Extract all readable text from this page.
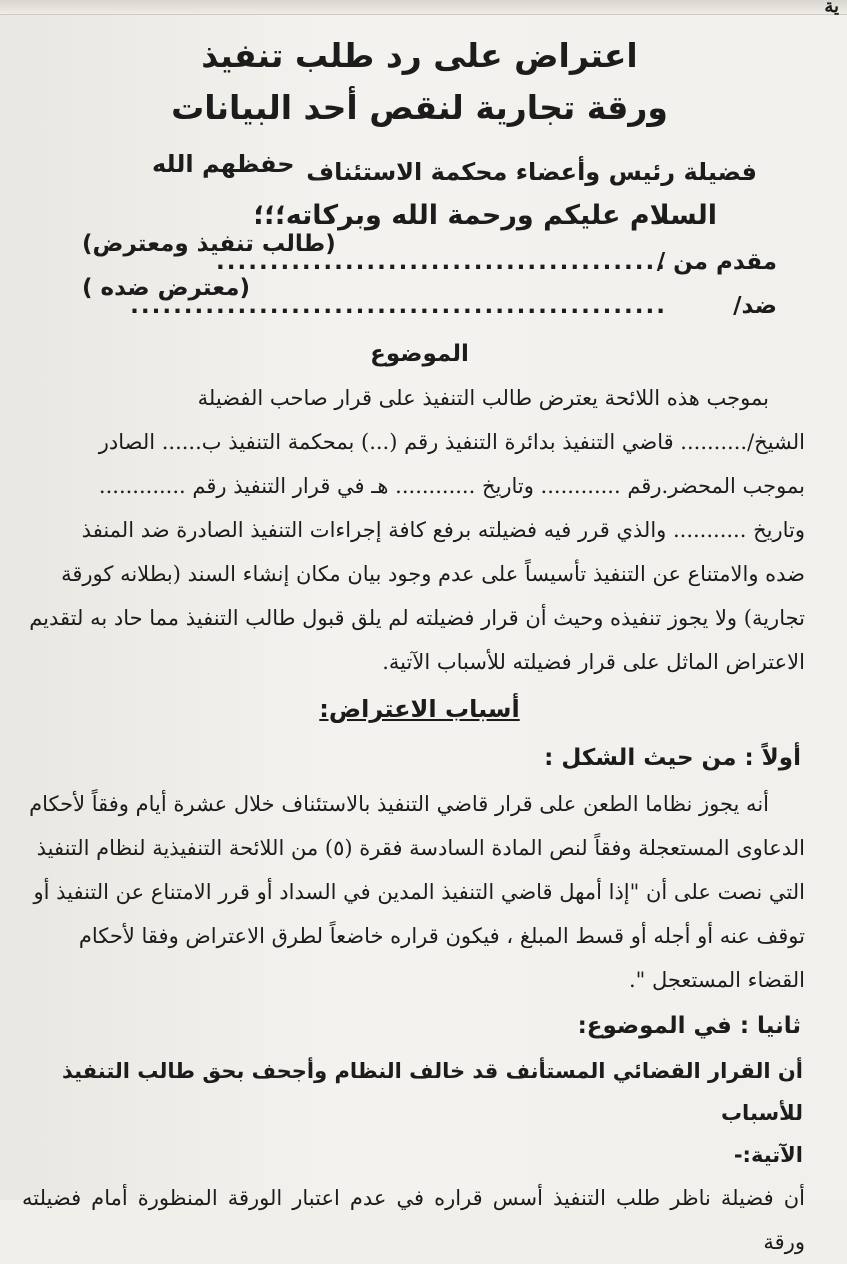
ية
اعتراض على رد طلب تنفيذ
ورقة تجارية لنقص أحد البيانات
فضيلة رئيس وأعضاء محكمة الاستئناف
حفظهم الله
السلام عليكم ورحمة الله وبركاته؛؛؛
مقدم من /
..........................................
(طالب تنفيذ ومعترض)
ضد/
..................................................
(معترض ضده )
الموضوع

بموجب هذه اللائحة يعترض طالب التنفيذ على قرار صاحب الفضيلة

الشيخ/.......... قاضي التنفيذ بدائرة التنفيذ رقم (...) بمحكمة التنفيذ ب...... الصادر

بموجب المحضر.رقم ............ وتاريخ ............ هـ في قرار التنفيذ رقم .............

وتاريخ ........... والذي قرر فيه فضيلته برفع كافة إجراءات التنفيذ الصادرة ضد المنفذ

ضده والامتناع عن التنفيذ تأسيساً على عدم وجود بيان مكان إنشاء السند (بطلانه كورقة

تجارية) ولا يجوز تنفيذه وحيث أن قرار فضيلته لم يلق قبول طالب التنفيذ مما حاد به لتقديم

الاعتراض الماثل على قرار فضيلته للأسباب الآتية.

أسباب الاعتراض:
أولاً : من حيث الشكل :

أنه يجوز نظاما الطعن على قرار قاضي التنفيذ بالاستئناف خلال عشرة أيام وفقاً لأحكام

الدعاوى المستعجلة وفقاً لنص المادة السادسة فقرة (٥) من اللائحة التنفيذية لنظام التنفيذ

التي نصت على أن "إذا أمهل قاضي التنفيذ المدين في السداد أو قرر الامتناع عن التنفيذ أو

توقف عنه أو أجله أو قسط المبلغ ، فيكون قراره خاضعاً لطرق الاعتراض وفقا لأحكام

القضاء المستعجل ".

ثانيا : في الموضوع:
أن القرار القضائي المستأنف قد خالف النظام وأجحف بحق طالب التنفيذ للأسباب
الآتية:-

أن فضيلة ناظر طلب التنفيذ أسس قراره في عدم اعتبار الورقة المنظورة أمام فضيلته ورقة
